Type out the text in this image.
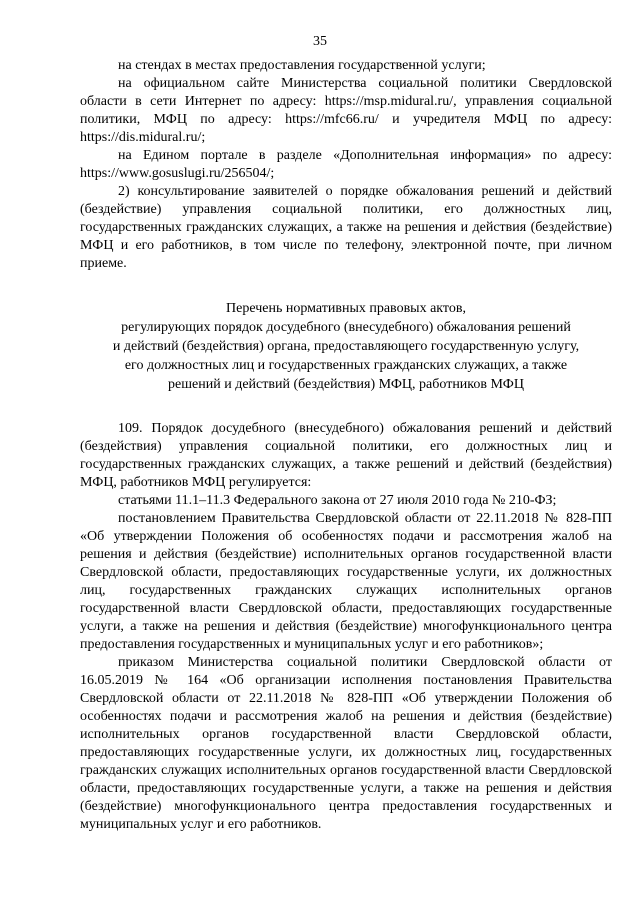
35

на стендах в местах предоставления государственной услуги;

на официальном сайте Министерства социальной политики Свердловской области в сети Интернет по адресу: https://msp.midural.ru/, управления социальной политики, МФЦ по адресу: https://mfc66.ru/ и учредителя МФЦ по адресу: https://dis.midural.ru/;

на Едином портале в разделе «Дополнительная информация» по адресу: https://www.gosuslugi.ru/256504/;

2) консультирование заявителей о порядке обжалования решений и действий (бездействие) управления социальной политики, его должностных лиц, государственных гражданских служащих, а также на решения и действия (бездействие) МФЦ и его работников, в том числе по телефону, электронной почте, при личном приеме.

Перечень нормативных правовых актов,
регулирующих порядок досудебного (внесудебного) обжалования решений
и действий (бездействия) органа, предоставляющего государственную услугу,
его должностных лиц и государственных гражданских служащих, а также
решений и действий (бездействия) МФЦ, работников МФЦ

109. Порядок досудебного (внесудебного) обжалования решений и действий (бездействия) управления социальной политики, его должностных лиц и государственных гражданских служащих, а также решений и действий (бездействия) МФЦ, работников МФЦ регулируется:

статьями 11.1–11.3 Федерального закона от 27 июля 2010 года № 210-ФЗ;

постановлением Правительства Свердловской области от 22.11.2018 № 828-ПП «Об утверждении Положения об особенностях подачи и рассмотрения жалоб на решения и действия (бездействие) исполнительных органов государственной власти Свердловской области, предоставляющих государственные услуги, их должностных лиц, государственных гражданских служащих исполнительных органов государственной власти Свердловской области, предоставляющих государственные услуги, а также на решения и действия (бездействие) многофункционального центра предоставления государственных и муниципальных услуг и его работников»;

приказом Министерства социальной политики Свердловской области от 16.05.2019 № 164 «Об организации исполнения постановления Правительства Свердловской области от 22.11.2018 № 828-ПП «Об утверждении Положения об особенностях подачи и рассмотрения жалоб на решения и действия (бездействие) исполнительных органов государственной власти Свердловской области, предоставляющих государственные услуги, их должностных лиц, государственных гражданских служащих исполнительных органов государственной власти Свердловской области, предоставляющих государственные услуги, а также на решения и действия (бездействие) многофункционального центра предоставления государственных и муниципальных услуг и его работников.
